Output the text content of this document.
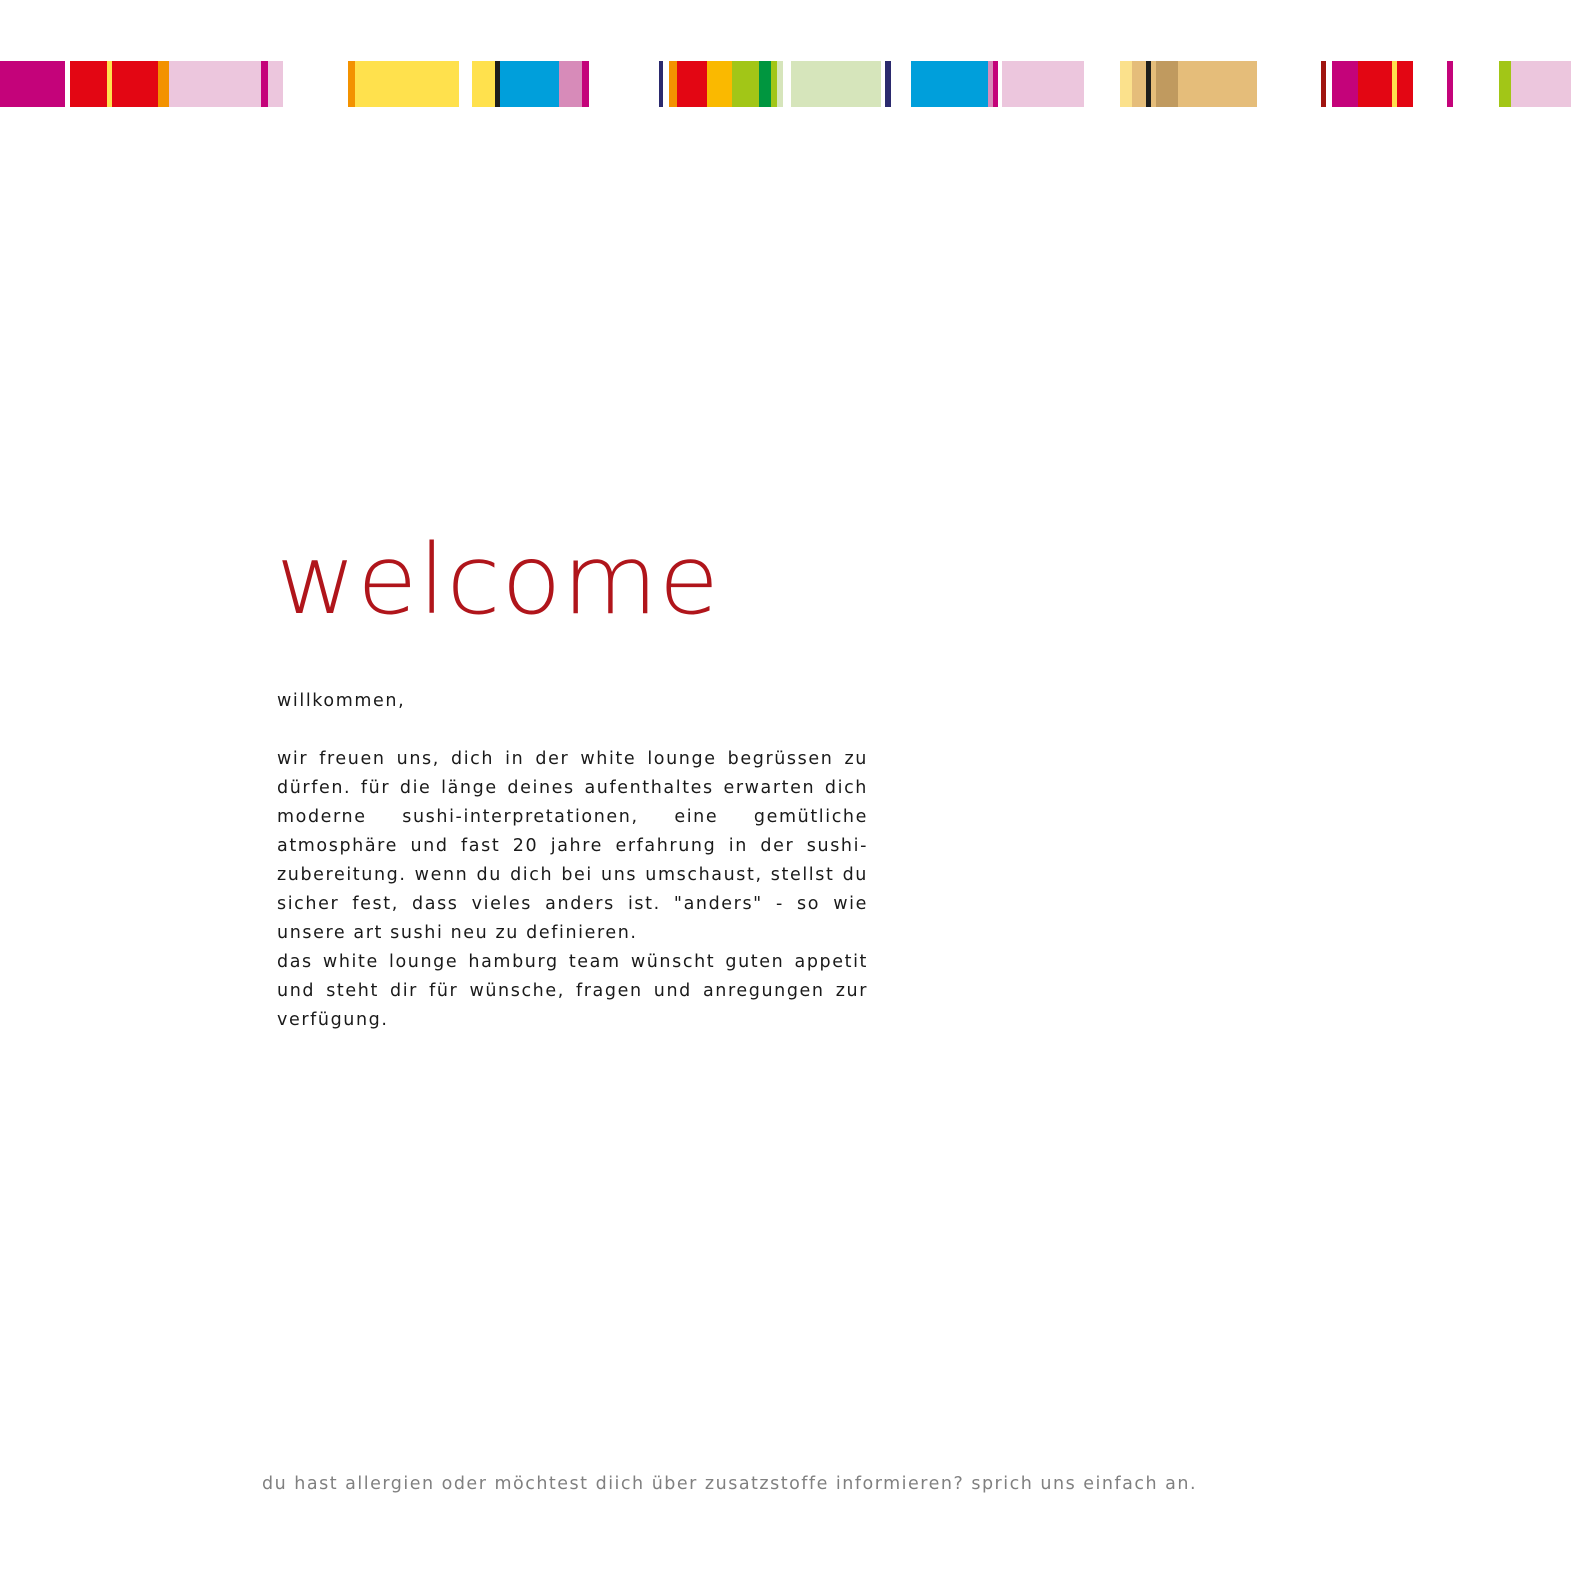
welcome

willkommen,

wir freuen uns, dich in der white lounge begrüssen zu dürfen. für die länge deines aufenthaltes erwarten dich moderne sushi-interpretationen, eine gemütliche atmosphäre und fast 20 jahre erfahrung in der sushi-zubereitung. wenn du dich bei uns umschaust, stellst du sicher fest, dass vieles anders ist. "anders" - so wie unsere art sushi neu zu definieren.

das white lounge hamburg team wünscht guten appetit und steht dir für wünsche, fragen und anregungen zur verfügung.

du hast allergien oder möchtest diich über zusatzstoffe informieren? sprich uns einfach an.
